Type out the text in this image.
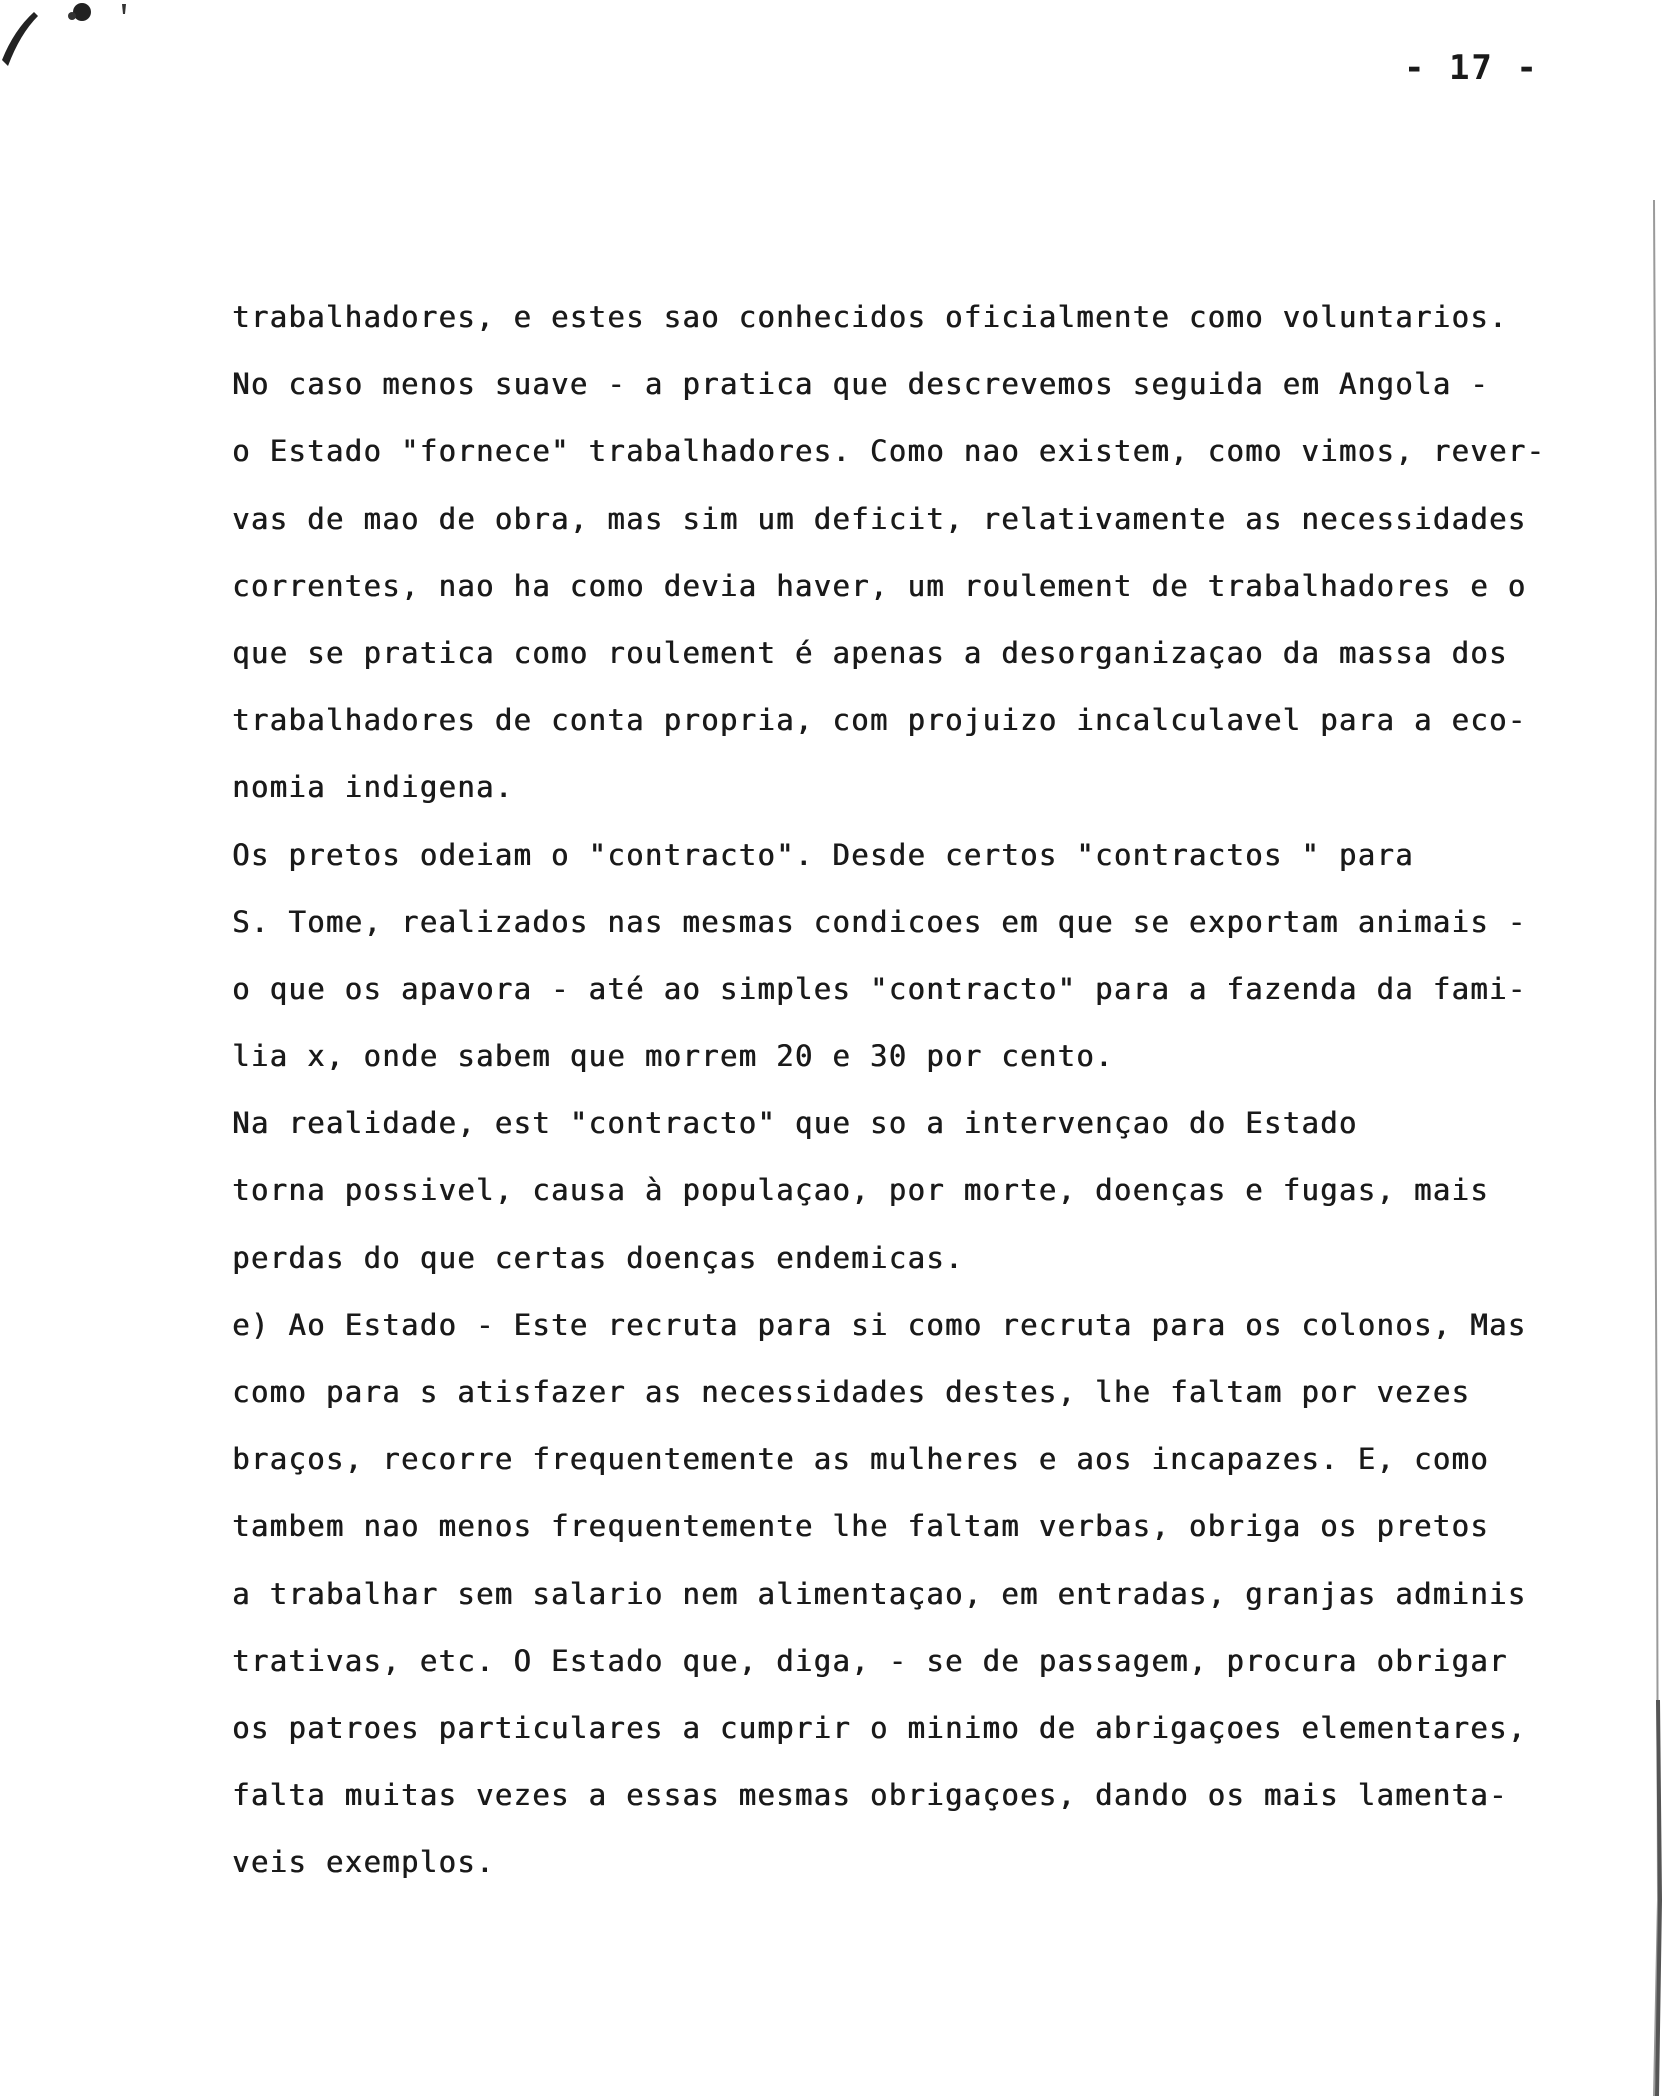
- 17 -
trabalhadores, e estes sao conhecidos oficialmente como voluntarios.
No caso menos suave - a pratica que descrevemos seguida em Angola -
o Estado "fornece" trabalhadores. Como nao existem, como vimos, rever-
vas de mao de obra, mas sim um deficit, relativamente as necessidades
correntes, nao ha como devia haver, um roulement de trabalhadores e o
que se pratica como roulement é apenas a desorganizaçao da massa dos
trabalhadores de conta propria, com projuizo incalculavel para a eco-
nomia indigena.
Os pretos odeiam o "contracto". Desde certos "contractos " para
S. Tome, realizados nas mesmas condicoes em que se exportam animais -
o que os apavora - até ao simples "contracto" para a fazenda da fami-
lia x, onde sabem que morrem 20 e 30 por cento.
Na realidade, est "contracto" que so a intervençao do Estado
torna possivel, causa à populaçao, por morte, doenças e fugas, mais
perdas do que certas doenças endemicas.
e) Ao Estado - Este recruta para si como recruta para os colonos, Mas
como para s atisfazer as necessidades destes, lhe faltam por vezes
braços, recorre frequentemente as mulheres e aos incapazes. E, como
tambem nao menos frequentemente lhe faltam verbas, obriga os pretos
a trabalhar sem salario nem alimentaçao, em entradas, granjas adminis
trativas, etc. O Estado que, diga, - se de passagem, procura obrigar
os patroes particulares a cumprir o minimo de abrigaçoes elementares,
falta muitas vezes a essas mesmas obrigaçoes, dando os mais lamenta-
veis exemplos.
